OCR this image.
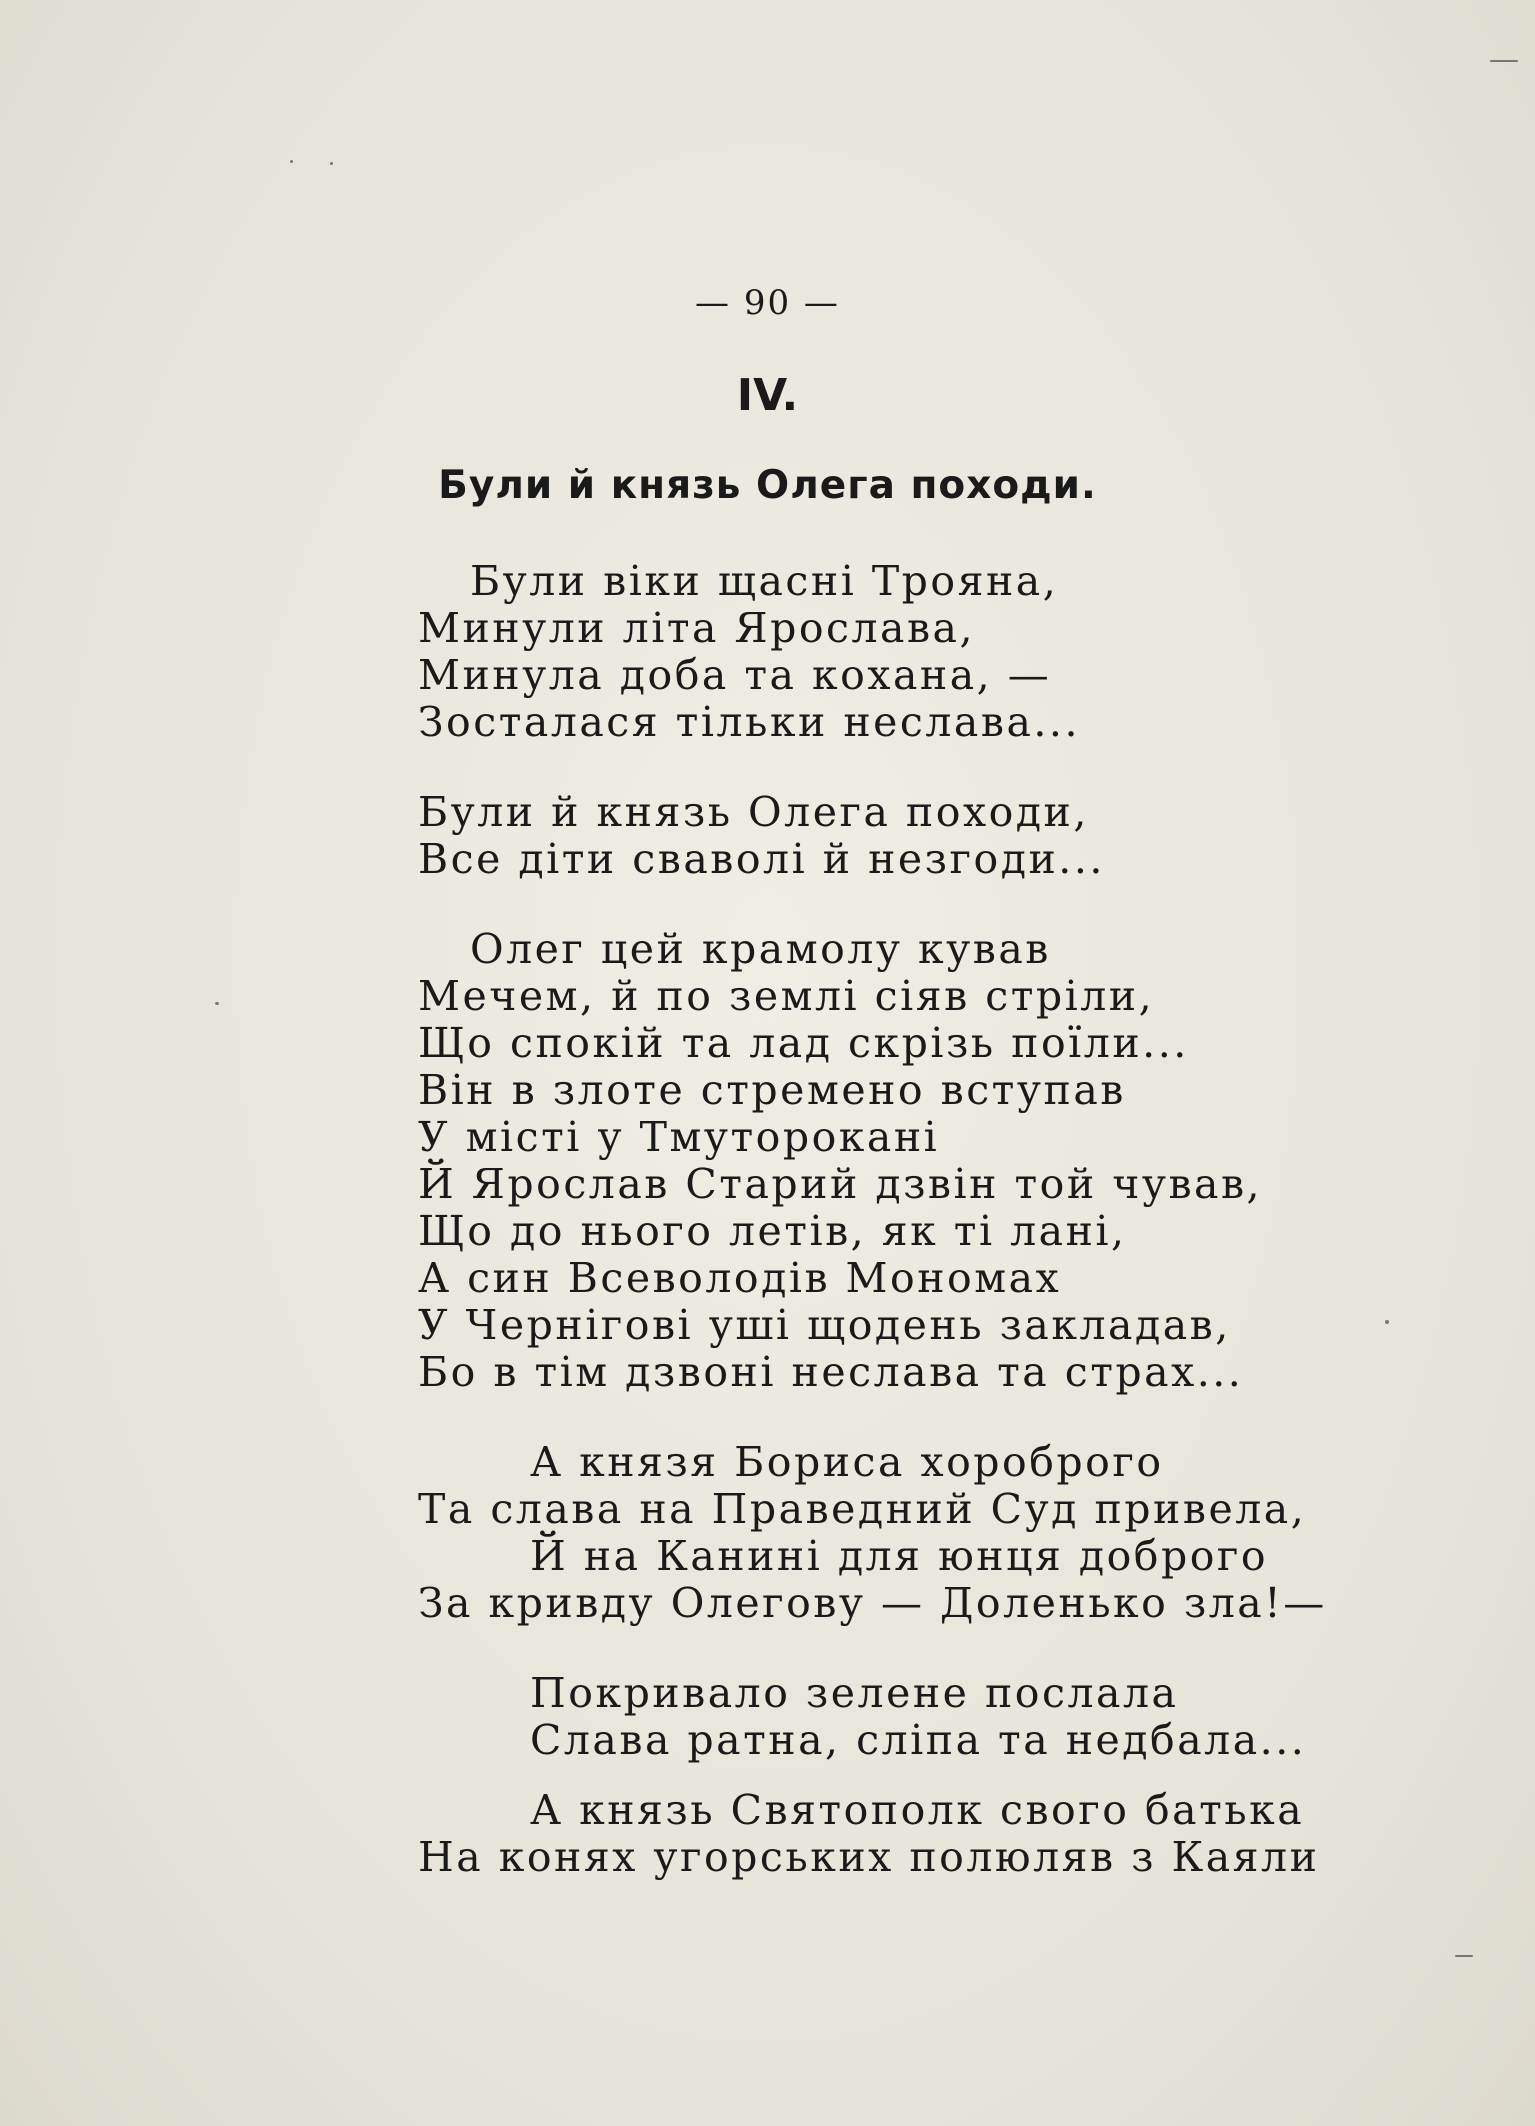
— 90 —
IV.
Були й князь Олега походи.
Були віки щасні Трояна,
Минули літа Ярослава,
Минула доба та кохана, —
Зосталася тільки неслава...
Були й князь Олега походи,
Все діти сваволі й незгоди...
Олег цей крамолу кував
Мечем, й по землі сіяв стріли,
Що спокій та лад скрізь поїли...
Він в злоте стремено вступав
У місті у Тмуторокані
Й Ярослав Старий дзвін той чував,
Що до нього летів, як ті лані,
А син Всеволодів Мономах
У Чернігові уші щодень закладав,
Бо в тім дзвоні неслава та страх...
А князя Бориса хороброго
Та слава на Праведний Суд привела,
Й на Канині для юнця доброго
За кривду Олегову — Доленько зла!—
Покривало зелене послала
Слава ратна, сліпа та недбала...
А князь Святополк свого батька
На конях угорських полюляв з Каяли
